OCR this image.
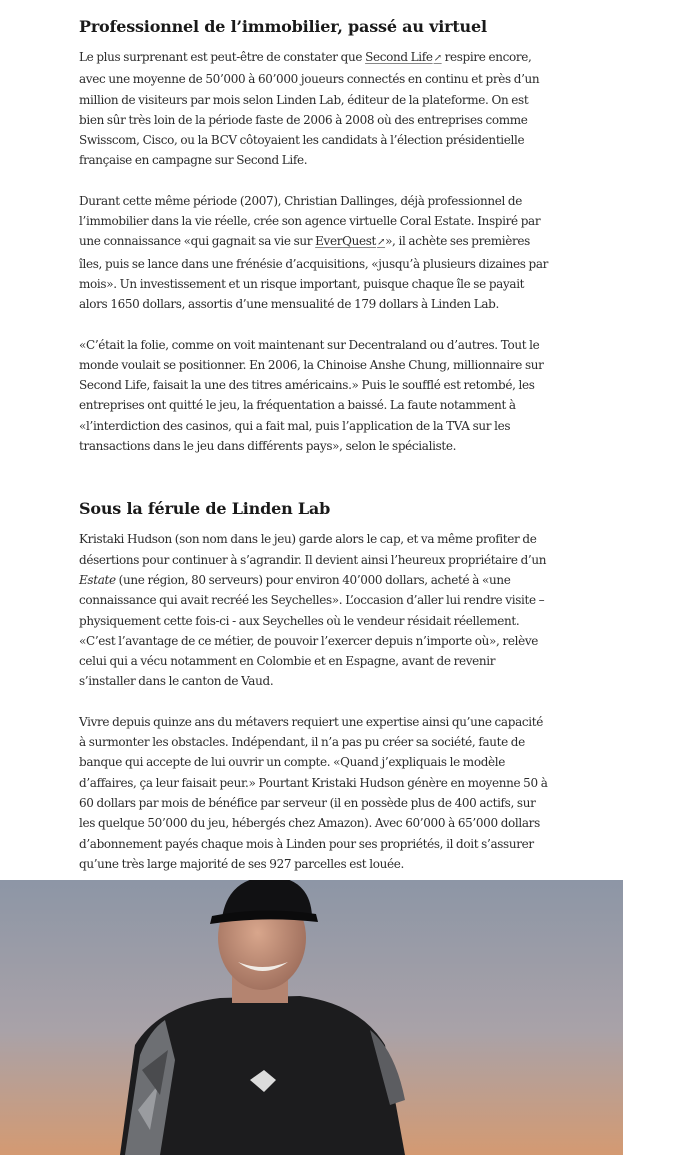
Professionnel de l’immobilier, passé au virtuel

Le plus surprenant est peut-être de constater que Second Life↗ respire encore, avec une moyenne de 50’000 à 60’000 joueurs connectés en continu et près d’un million de visiteurs par mois selon Linden Lab, éditeur de la plateforme. On est bien sûr très loin de la période faste de 2006 à 2008 où des entreprises comme Swisscom, Cisco, ou la BCV côtoyaient les candidats à l’élection présidentielle française en campagne sur Second Life.

Durant cette même période (2007), Christian Dallinges, déjà professionnel de l’immobilier dans la vie réelle, crée son agence virtuelle Coral Estate. Inspiré par une connaissance «qui gagnait sa vie sur EverQuest↗», il achète ses premières îles, puis se lance dans une frénésie d’acquisitions, «jusqu’à plusieurs dizaines par mois». Un investissement et un risque important, puisque chaque île se payait alors 1650 dollars, assortis d’une mensualité de 179 dollars à Linden Lab.

«C’était la folie, comme on voit maintenant sur Decentraland ou d’autres. Tout le monde voulait se positionner. En 2006, la Chinoise Anshe Chung, millionnaire sur Second Life, faisait la une des titres américains.» Puis le soufflé est retombé, les entreprises ont quitté le jeu, la fréquentation a baissé. La faute notamment à «l’interdiction des casinos, qui a fait mal, puis l’application de la TVA sur les transactions dans le jeu dans différents pays», selon le spécialiste.

Sous la férule de Linden Lab

Kristaki Hudson (son nom dans le jeu) garde alors le cap, et va même profiter de désertions pour continuer à s’agrandir. Il devient ainsi l’heureux propriétaire d’un Estate (une région, 80 serveurs) pour environ 40’000 dollars, acheté à «une connaissance qui avait recréé les Seychelles». L’occasion d’aller lui rendre visite – physiquement cette fois-ci - aux Seychelles où le vendeur résidait réellement. «C’est l’avantage de ce métier, de pouvoir l’exercer depuis n’importe où», relève celui qui a vécu notamment en Colombie et en Espagne, avant de revenir s’installer dans le canton de Vaud.

Vivre depuis quinze ans du métavers requiert une expertise ainsi qu’une capacité à surmonter les obstacles. Indépendant, il n’a pas pu créer sa société, faute de banque qui accepte de lui ouvrir un compte. «Quand j’expliquais le modèle d’affaires, ça leur faisait peur.» Pourtant Kristaki Hudson génère en moyenne 50 à 60 dollars par mois de bénéfice par serveur (il en possède plus de 400 actifs, sur les quelque 50’000 du jeu, hébergés chez Amazon). Avec 60’000 à 65’000 dollars d’abonnement payés chaque mois à Linden pour ses propriétés, il doit s’assurer qu’une très large majorité de ses 927 parcelles est louée.
